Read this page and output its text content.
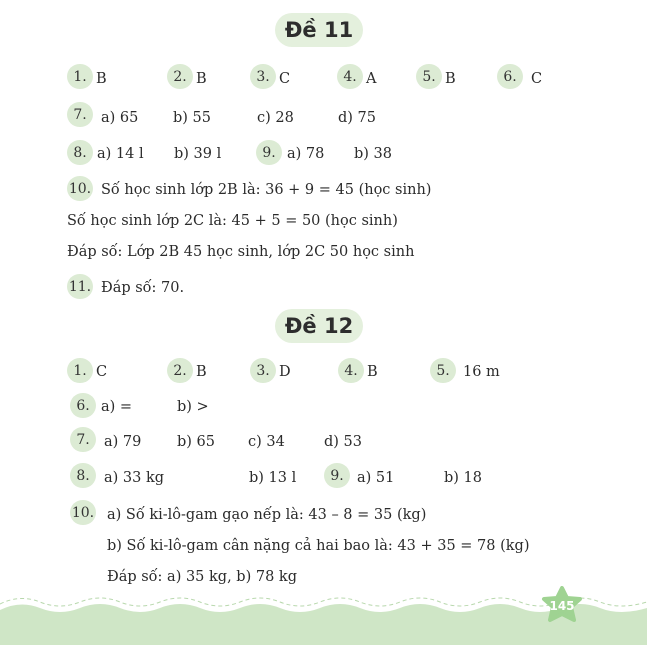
Đề 11
1. B	2. B	3. C	4. A	5. B	6. C
7. a) 65 b) 55	c) 28	d) 75
8. a) 14 l b) 39 l	9. a) 78 b) 38
10. Số học sinh lớp 2B là: 36 + 9 = 45 (học sinh)
Số học sinh lớp 2C là: 45 + 5 = 50 (học sinh)
Đáp số: Lớp 2B 45 học sinh, lớp 2C 50 học sinh
11. Đáp số: 70.
Đề 12
1. C	2. B	3. D	4. B	5. 16 m
6. a) =	b) >
7. a) 79 b) 65 c) 34	d) 53
8. a) 33 kg	b) 13 l	9. a) 51	b) 18
10. a) Số ki-lô-gam gạo nếp là: 43 – 8 = 35 (kg)
b) Số ki-lô-gam cân nặng cả hai bao là: 43 + 35 = 78 (kg)
Đáp số: a) 35 kg, b) 78 kg
145
